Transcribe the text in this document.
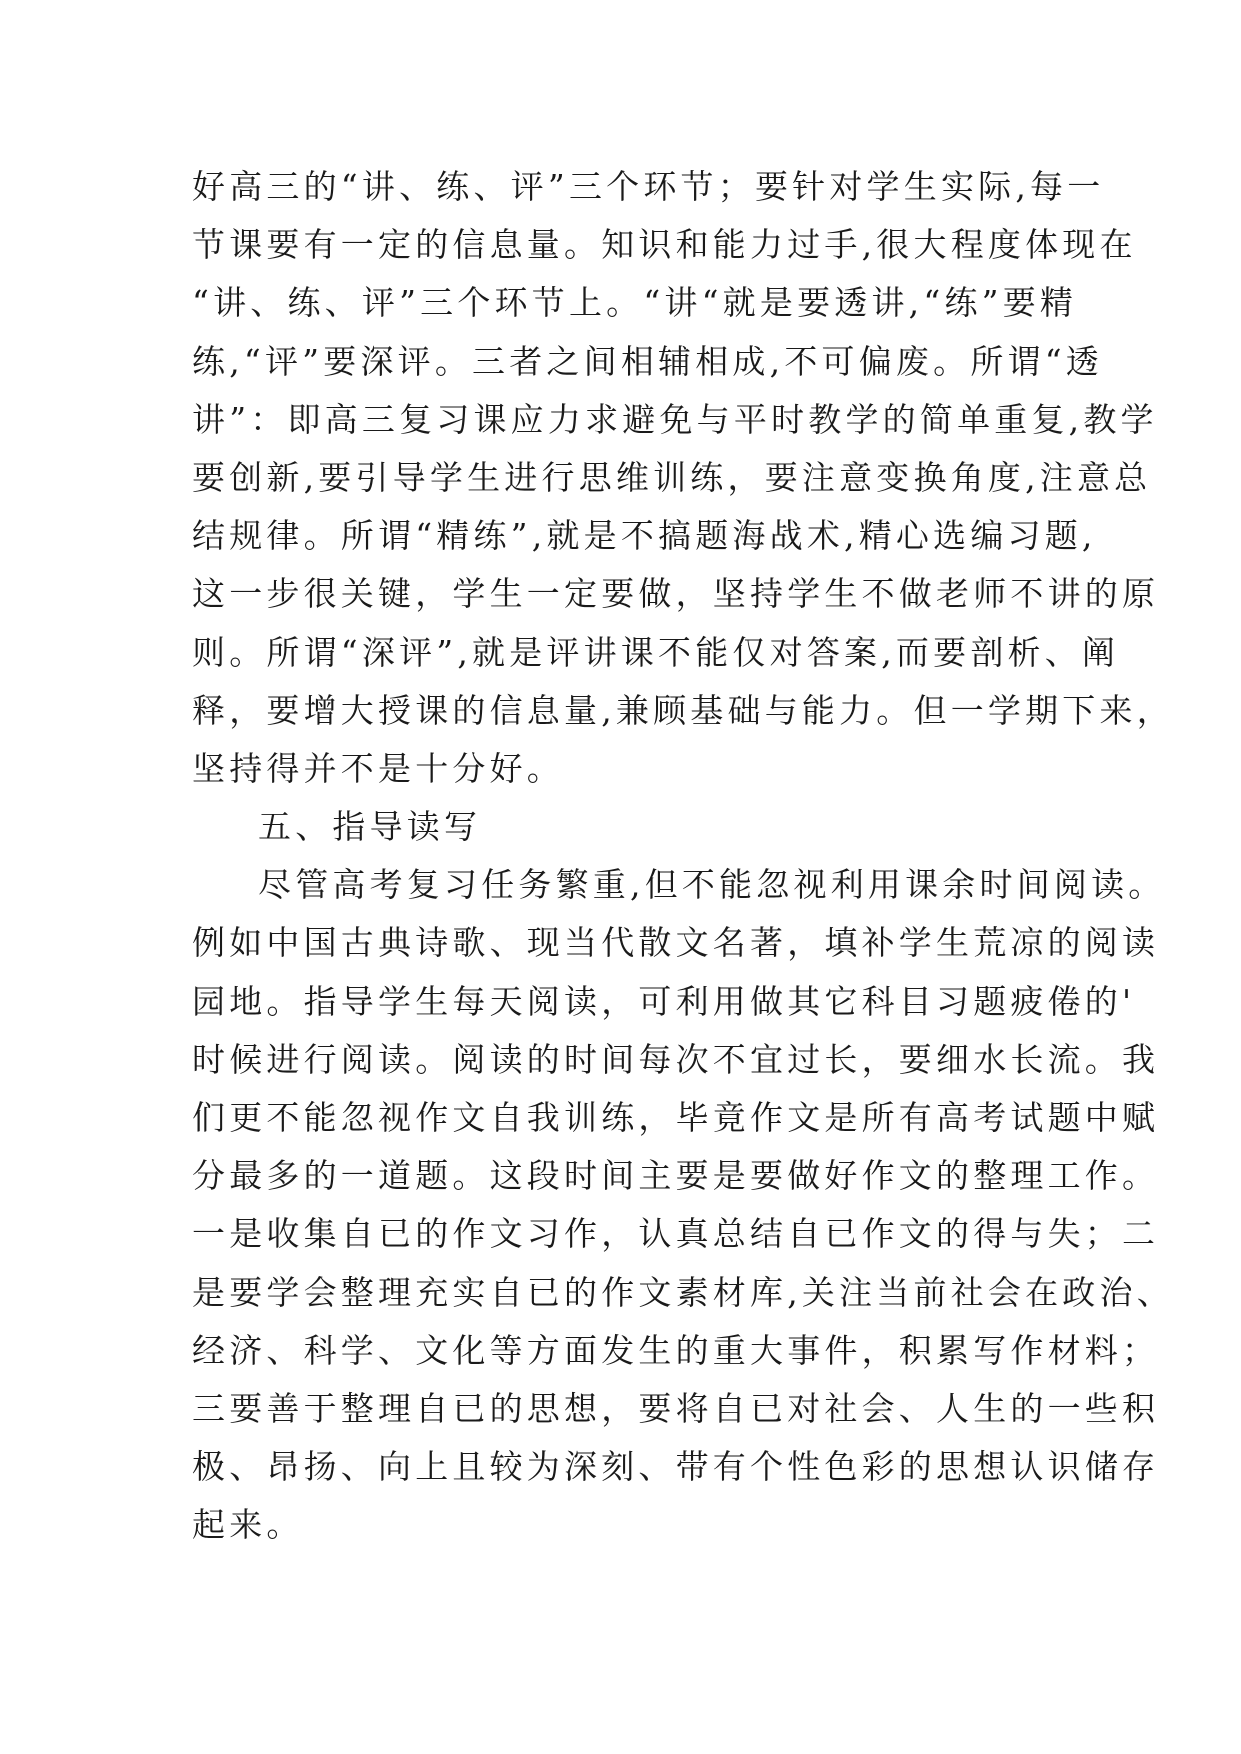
好高三的“讲、练、评”三个环节；要针对学生实际,每一
节课要有一定的信息量。知识和能力过手,很大程度体现在
“讲、练、评”三个环节上。“讲“就是要透讲,“练”要精
练,“评”要深评。三者之间相辅相成,不可偏废。所谓“透
讲”：即高三复习课应力求避免与平时教学的简单重复,教学
要创新,要引导学生进行思维训练，要注意变换角度,注意总
结规律。所谓“精练”,就是不搞题海战术,精心选编习题,
这一步很关键，学生一定要做，坚持学生不做老师不讲的原
则。所谓“深评”,就是评讲课不能仅对答案,而要剖析、阐
释，要增大授课的信息量,兼顾基础与能力。但一学期下来，
坚持得并不是十分好。
五、指导读写
尽管高考复习任务繁重,但不能忽视利用课余时间阅读。
例如中国古典诗歌、现当代散文名著，填补学生荒凉的阅读
园地。指导学生每天阅读，可利用做其它科目习题疲倦的'
时候进行阅读。阅读的时间每次不宜过长，要细水长流。我
们更不能忽视作文自我训练，毕竟作文是所有高考试题中赋
分最多的一道题。这段时间主要是要做好作文的整理工作。
一是收集自已的作文习作，认真总结自已作文的得与失；二
是要学会整理充实自已的作文素材库,关注当前社会在政治、
经济、科学、文化等方面发生的重大事件，积累写作材料；
三要善于整理自已的思想，要将自已对社会、人生的一些积
极、昂扬、向上且较为深刻、带有个性色彩的思想认识储存
起来。
